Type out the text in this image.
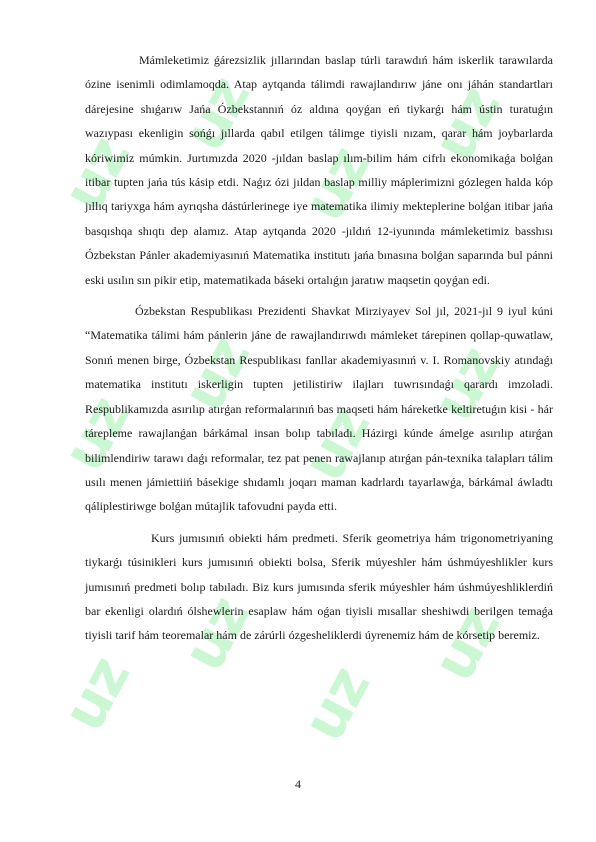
uz
uz
uz
uz
uz
uz
uz
uz
uz
uz
uz
uz

Mámleketimiz ǵárezsizlik jıllarından baslap túrli tarawdıń hám iskerlik tarawılarda ózine isenimli odimlamoqda. Atap aytqanda tálimdi rawajlandırıw jáne onı jáhán standartları dárejesine shıǵarıw Jańa Ózbekstannıń óz aldına qoyǵan eń tiykarǵı hám ústin turatuǵın wazıypası ekenligin sońǵı jıllarda qabıl etilgen tálimge tiyisli nızam, qarar hám joybarlarda kóriwimiz múmkin. Jurtımızda 2020 -jıldan baslap ılım-bilim hám cifrlı ekonomikaǵa bolǵan itibar tupten jańa tús kásip etdi. Naǵız ózi jıldan baslap milliy máplerimizni gózlegen halda kóp jıllıq tariyxga hám ayrıqsha dástúrlerinege iye matematika ilimiy mekteplerine bolǵan itibar jańa basqıshqa shıqtı dep alamız. Atap aytqanda 2020 -jıldıń 12-iyunında mámleketimiz basshısı Ózbekstan Pánler akademiyasınıń Matematika institutı jańa bınasına bolǵan saparında bul pánni eski usılın sın pikir etip, matematikada báseki ortalıǵın jaratıw maqsetin qoyǵan edi.

Ózbekstan Respublikası Prezidenti Shavkat Mirziyayev Sol jıl, 2021-jıl 9 iyul kúni “Matematika tálimi hám pánlerin jáne de rawajlandırıwdı mámleket tárepinen qollap-quwatlaw, Sonıń menen birge, Ózbekstan Respublikası fanllar akademiyasınıń v. I. Romanovskiy atındaǵı matematika institutı iskerligin tupten jetilistiriw ilajları tuwrısındaǵı qarardı imzoladi. Respublikamızda asırılıp atırǵan reformalarınıń bas maqseti hám háreketke keltiretuǵın kisi - hár tárepleme rawajlanǵan bárkámal insan bolıp tabıladı. Házirgi kúnde ámelge asırılıp atırǵan bilimlendiriw tarawı daǵı reformalar, tez pat penen rawajlanıp atırǵan pán-texnika talapları tálim usılı menen jámiettiiń básekige shıdamlı joqarı maman kadrlardı tayarlawǵa, bárkámal áwladtı qáliplestiriwge bolǵan mútajlik tafovudni payda etti.

Kurs jumısınıń obiekti hám predmeti. Sferik geometriya hám trigonometriyaning tiykarǵı túsinikleri kurs jumısınıń obiekti bolsa, Sferik múyeshler hám úshmúyeshlikler kurs jumısınıń predmeti bolıp tabıladı. Biz kurs jumısında sferik múyeshler hám úshmúyeshliklerdiń bar ekenligi olardıń ólshewlerin esaplaw hám oǵan tiyisli mısallar sheshiwdi berilgen temaǵa tiyisli tarif hám teoremalar hám de zárúrli ózgesheliklerdi úyrenemiz hám de kórsetip beremiz.

4
